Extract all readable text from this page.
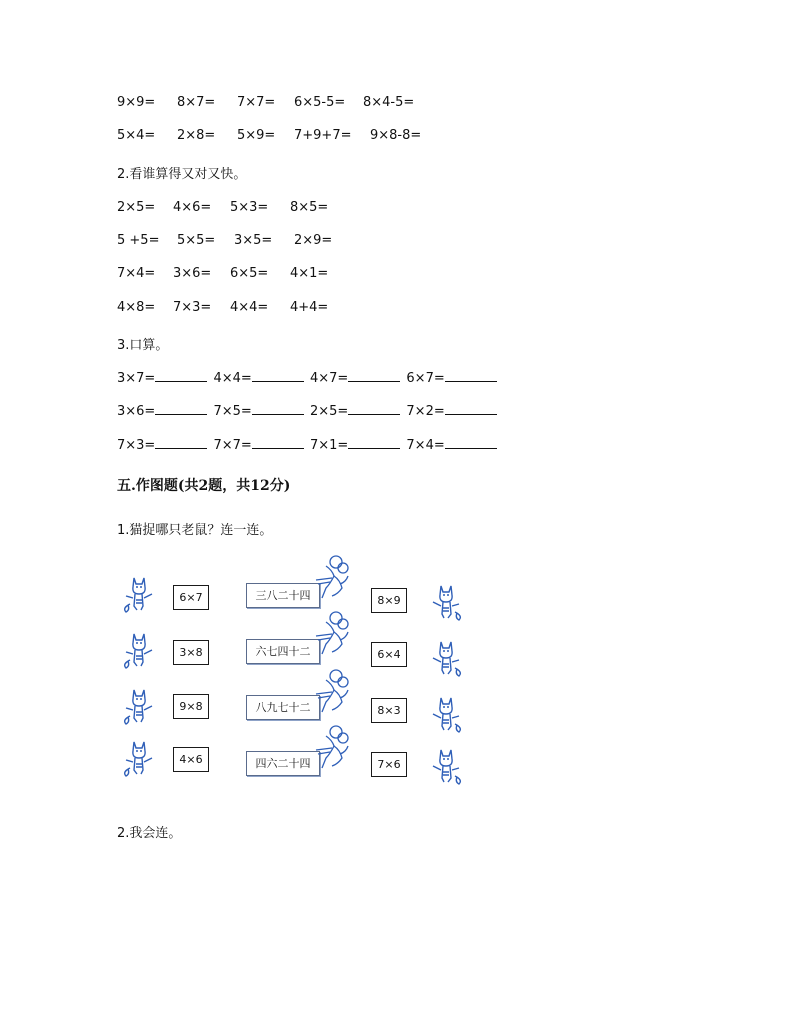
9×9= 8×7= 7×7= 6×5-5= 8×4-5=
5×4= 2×8= 5×9= 7+9+7= 9×8-8=
2.看谁算得又对又快。
2×5= 4×6= 5×3= 8×5=
5 +5= 5×5= 3×5= 2×9=
7×4= 3×6= 6×5= 4×1=
4×8= 7×3= 4×4= 4+4=
3.口算。
3×7=	4×4=	4×7=	6×7=
3×6=	7×5=	2×5=	7×2=
7×3=	7×7=	7×1=	7×4=
五.作图题(共2题，共12分)
1.猫捉哪只老鼠？连一连。
6×7
3×8
9×8
4×6
三八二十四
六七四十二
八九七十二
四六二十四
8×9
6×4
8×3
7×6
2.我会连。
